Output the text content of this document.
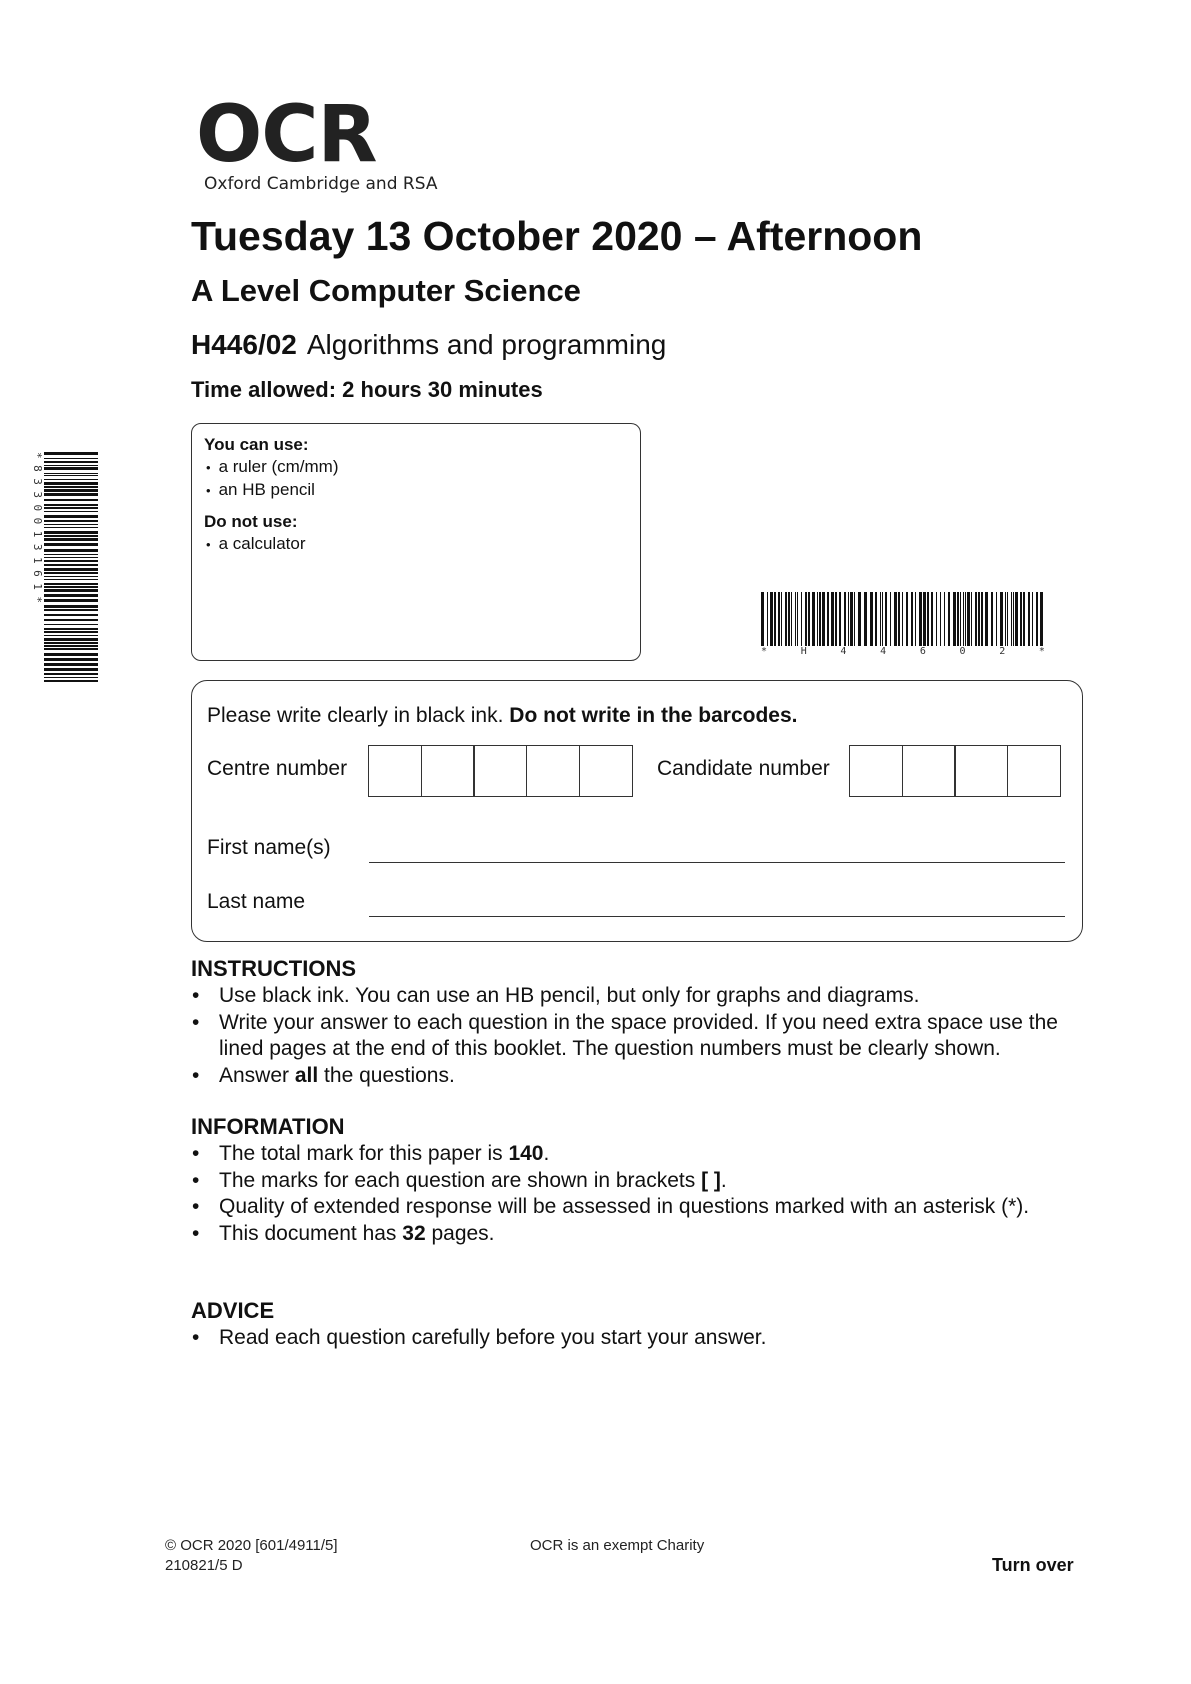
OCR
Oxford Cambridge and RSA
Tuesday 13 October 2020 – Afternoon
A Level Computer Science
H446/02 Algorithms and programming
Time allowed: 2 hours 30 minutes
*8330013161*
You can use:
• a ruler (cm/mm)
• an HB pencil
Do not use:
• a calculator
*	H	4	4	6	0	2	*
Please write clearly in black ink. Do not write in the barcodes.
Centre number	Candidate number
First name(s)
Last name
INSTRUCTIONS
• Use black ink. You can use an HB pencil, but only for graphs and diagrams.
• Write your answer to each question in the space provided. If you need extra space use the lined pages at the end of this booklet. The question numbers must be clearly shown.
• Answer all the questions.
INFORMATION
• The total mark for this paper is 140.
• The marks for each question are shown in brackets [ ].
• Quality of extended response will be assessed in questions marked with an asterisk (*).
• This document has 32 pages.
ADVICE
• Read each question carefully before you start your answer.
© OCR 2020 [601/4911/5]
210821/5 D
OCR is an exempt Charity
Turn over
